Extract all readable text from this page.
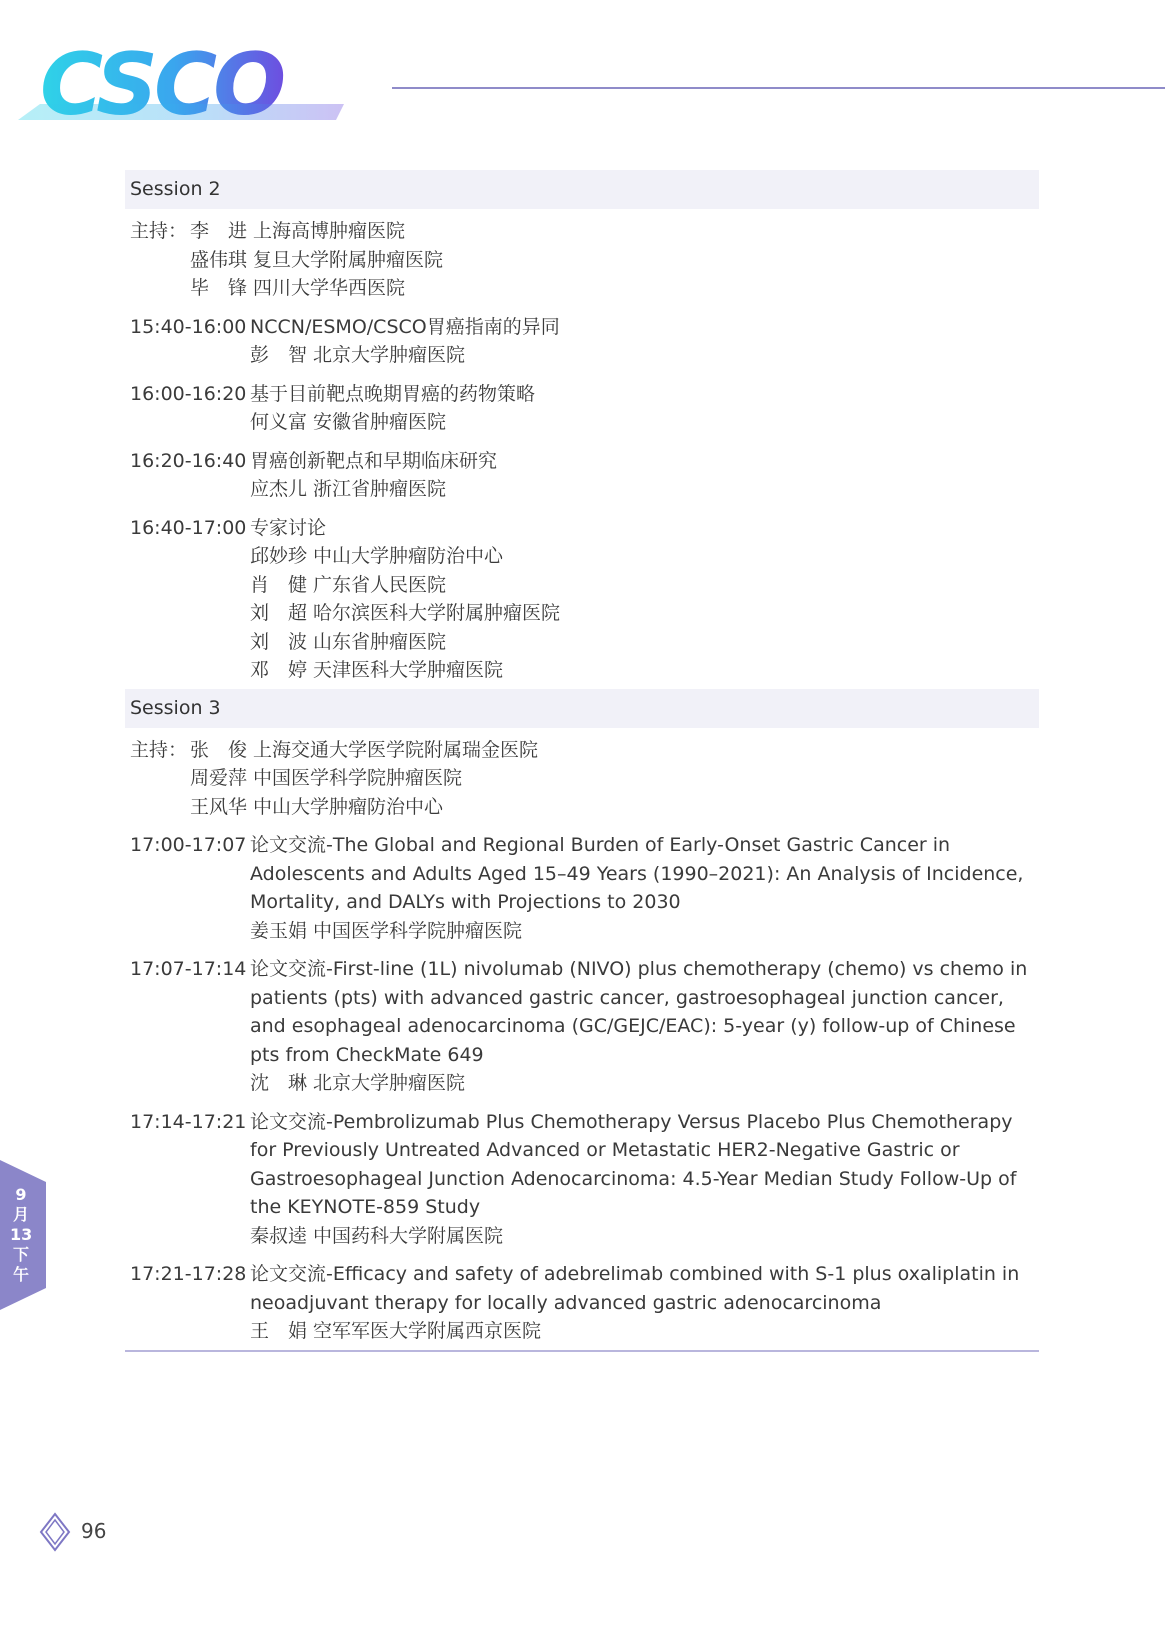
CSCO
Session 2
主持： 李　进 上海高博肿瘤医院
盛伟琪 复旦大学附属肿瘤医院
毕　锋 四川大学华西医院
15:40-16:00 NCCN/ESMO/CSCO胃癌指南的异同
彭　智 北京大学肿瘤医院
16:00-16:20 基于目前靶点晚期胃癌的药物策略
何义富 安徽省肿瘤医院
16:20-16:40 胃癌创新靶点和早期临床研究
应杰儿 浙江省肿瘤医院
16:40-17:00 专家讨论
邱妙珍 中山大学肿瘤防治中心
肖　健 广东省人民医院
刘　超 哈尔滨医科大学附属肿瘤医院
刘　波 山东省肿瘤医院
邓　婷 天津医科大学肿瘤医院
Session 3
主持： 张　俊 上海交通大学医学院附属瑞金医院
周爱萍 中国医学科学院肿瘤医院
王风华 中山大学肿瘤防治中心
17:00-17:07 论文交流-The Global and Regional Burden of Early-Onset Gastric Cancer in Adolescents and Adults Aged 15–49 Years (1990–2021): An Analysis of Incidence, Mortality, and DALYs with Projections to 2030
姜玉娟 中国医学科学院肿瘤医院
17:07-17:14 论文交流-First-line (1L) nivolumab (NIVO) plus chemotherapy (chemo) vs chemo in patients (pts) with advanced gastric cancer, gastroesophageal junction cancer, and esophageal adenocarcinoma (GC/GEJC/EAC): 5-year (y) follow-up of Chinese pts from CheckMate 649
沈　琳 北京大学肿瘤医院
17:14-17:21 论文交流-Pembrolizumab Plus Chemotherapy Versus Placebo Plus Chemotherapy for Previously Untreated Advanced or Metastatic HER2-Negative Gastric or Gastroesophageal Junction Adenocarcinoma: 4.5-Year Median Study Follow-Up of the KEYNOTE-859 Study
秦叔逵 中国药科大学附属医院
17:21-17:28 论文交流-Efficacy and safety of adebrelimab combined with S-1 plus oxaliplatin in neoadjuvant therapy for locally advanced gastric adenocarcinoma
王　娟 空军军医大学附属西京医院
9
月
13
下
午
96
